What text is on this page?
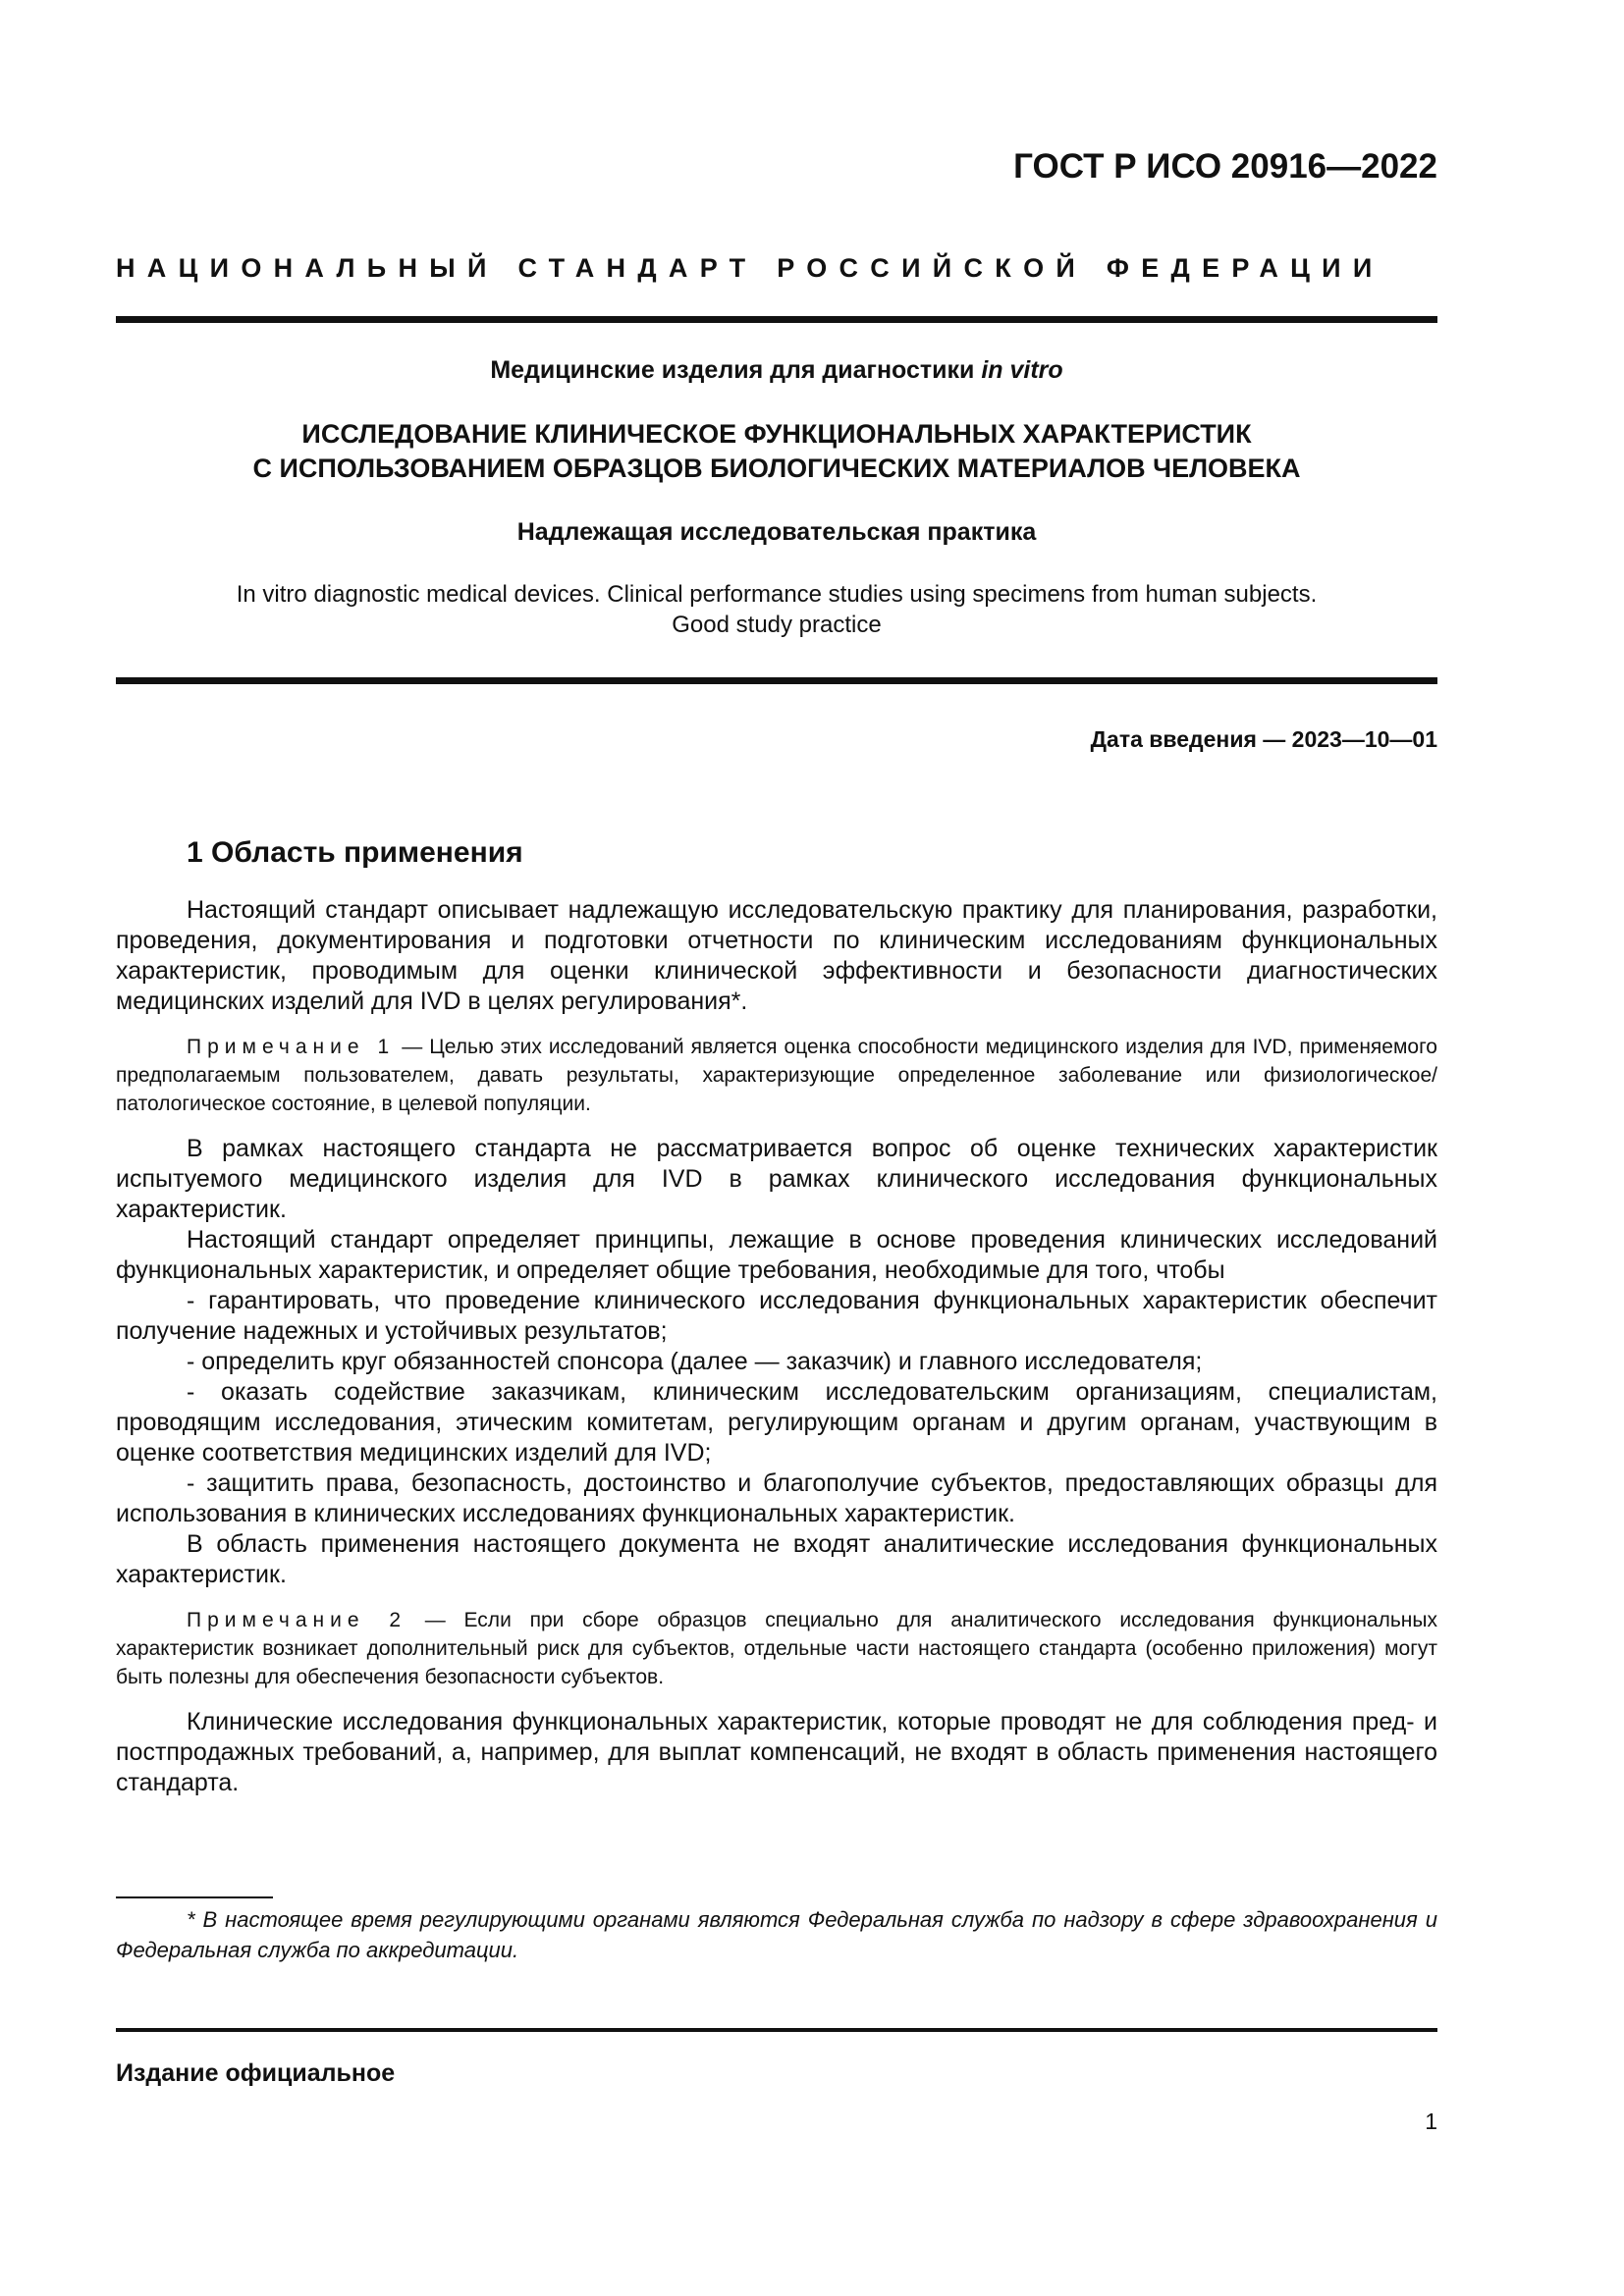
ГОСТ Р ИСО 20916—2022
НАЦИОНАЛЬНЫЙ СТАНДАРТ РОССИЙСКОЙ ФЕДЕРАЦИИ
Медицинские изделия для диагностики in vitro
ИССЛЕДОВАНИЕ КЛИНИЧЕСКОЕ ФУНКЦИОНАЛЬНЫХ ХАРАКТЕРИСТИК
С ИСПОЛЬЗОВАНИЕМ ОБРАЗЦОВ БИОЛОГИЧЕСКИХ МАТЕРИАЛОВ ЧЕЛОВЕКА
Надлежащая исследовательская практика
In vitro diagnostic medical devices. Clinical performance studies using specimens from human subjects.
Good study practice
Дата введения — 2023—10—01
1 Область применения

Настоящий стандарт описывает надлежащую исследовательскую практику для планирования, разработки, проведения, документирования и подготовки отчетности по клиническим исследованиям функциональных характеристик, проводимым для оценки клинической эффективности и безопасности диагностических медицинских изделий для IVD в целях регулирования*.

Примечание 1 — Целью этих исследований является оценка способности медицинского изделия для IVD, применяемого предполагаемым пользователем, давать результаты, характеризующие определенное заболевание или физиологическое/патологическое состояние, в целевой популяции.

В рамках настоящего стандарта не рассматривается вопрос об оценке технических характеристик испытуемого медицинского изделия для IVD в рамках клинического исследования функциональных характеристик.

Настоящий стандарт определяет принципы, лежащие в основе проведения клинических исследований функциональных характеристик, и определяет общие требования, необходимые для того, чтобы

- гарантировать, что проведение клинического исследования функциональных характеристик обеспечит получение надежных и устойчивых результатов;

- определить круг обязанностей спонсора (далее — заказчик) и главного исследователя;

- оказать содействие заказчикам, клиническим исследовательским организациям, специалистам, проводящим исследования, этическим комитетам, регулирующим органам и другим органам, участвующим в оценке соответствия медицинских изделий для IVD;

- защитить права, безопасность, достоинство и благополучие субъектов, предоставляющих образцы для использования в клинических исследованиях функциональных характеристик.

В область применения настоящего документа не входят аналитические исследования функциональных характеристик.

Примечание 2 — Если при сборе образцов специально для аналитического исследования функциональных характеристик возникает дополнительный риск для субъектов, отдельные части настоящего стандарта (особенно приложения) могут быть полезны для обеспечения безопасности субъектов.

Клинические исследования функциональных характеристик, которые проводят не для соблюдения пред- и постпродажных требований, а, например, для выплат компенсаций, не входят в область применения настоящего стандарта.

* В настоящее время регулирующими органами являются Федеральная служба по надзору в сфере здравоохранения и Федеральная служба по аккредитации.
Издание официальное
1
